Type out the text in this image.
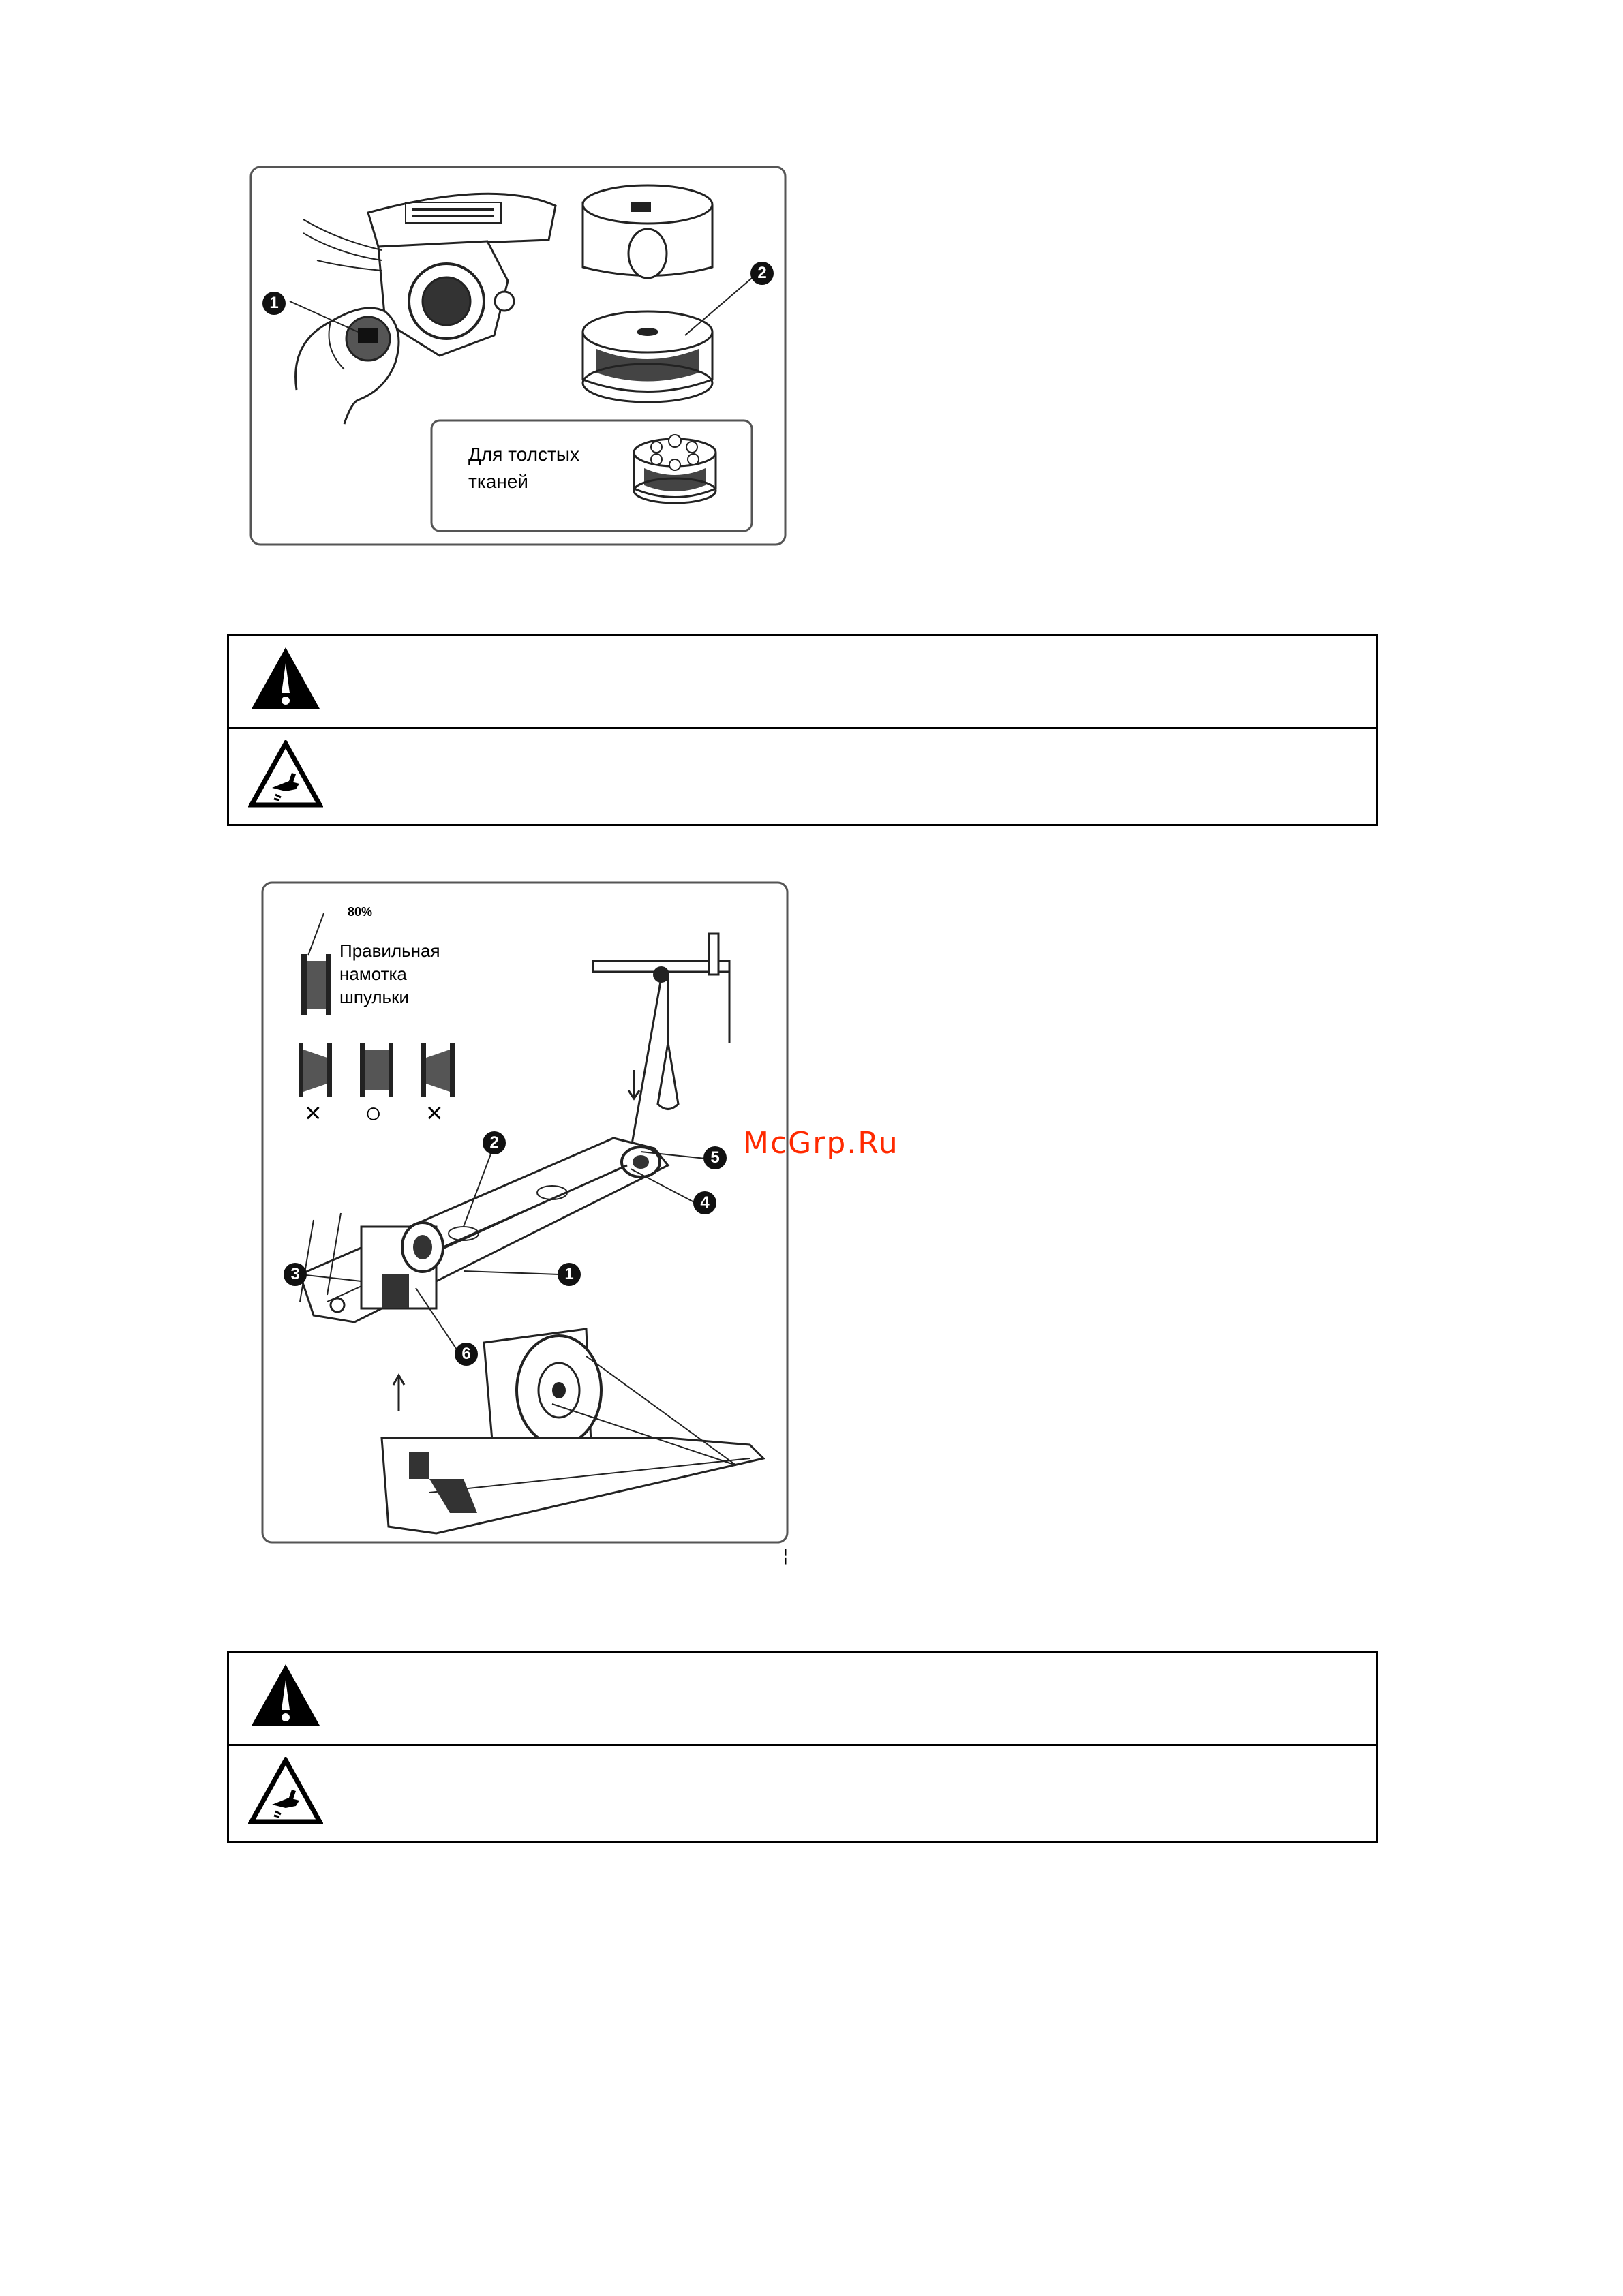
1
2
Для толстых
тканей
80%
Правильная
намотка
шпульки
× ○ ×
2
5
4
1
3
6
McGrp.Ru
¦
